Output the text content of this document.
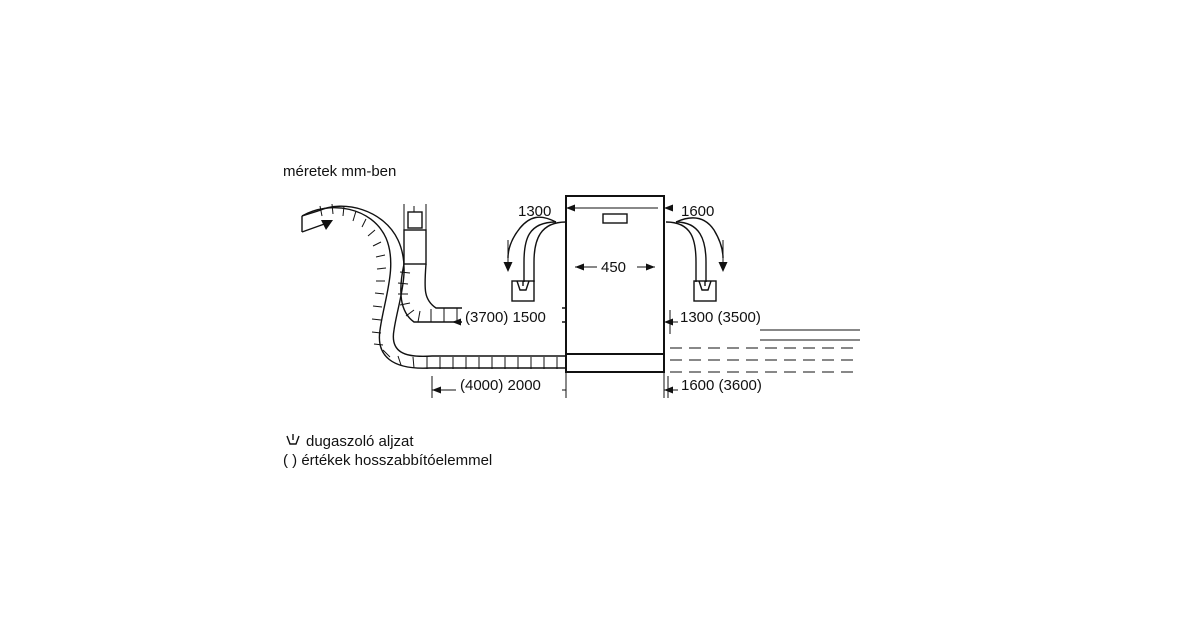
méretek mm-ben
450
1300	1600
(3700) 1500	1300 (3500)
(4000) 2000	1600 (3600)
dugaszoló aljzat
( ) értékek hosszabbítóelemmel
